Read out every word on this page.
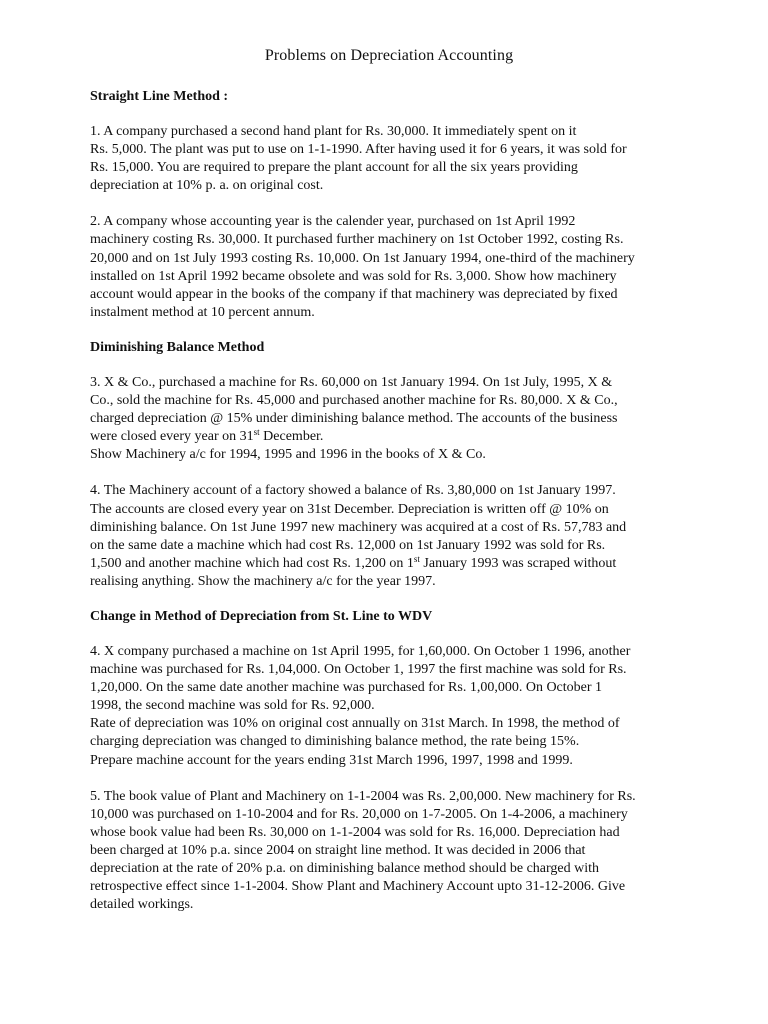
Problems on Depreciation Accounting
Straight Line Method :
1. A company purchased a second hand plant for Rs. 30,000. It immediately spent on it
Rs. 5,000. The plant was put to use on 1-1-1990. After having used it for 6 years, it was sold for
Rs. 15,000. You are required to prepare the plant account for all the six years providing
depreciation at 10% p. a. on original cost.
2. A company whose accounting year is the calender year, purchased on 1st April 1992
machinery costing Rs. 30,000. It purchased further machinery on 1st October 1992, costing Rs.
20,000 and on 1st July 1993 costing Rs. 10,000. On 1st January 1994, one-third of the machinery
installed on 1st April 1992 became obsolete and was sold for Rs. 3,000. Show how machinery
account would appear in the books of the company if that machinery was depreciated by fixed
instalment method at 10 percent annum.
Diminishing Balance Method
3. X & Co., purchased a machine for Rs. 60,000 on 1st January 1994. On 1st July, 1995, X &
Co., sold the machine for Rs. 45,000 and purchased another machine for Rs. 80,000. X & Co.,
charged depreciation @ 15% under diminishing balance method. The accounts of the business
were closed every year on 31st December.
Show Machinery a/c for 1994, 1995 and 1996 in the books of X & Co.
4. The Machinery account of a factory showed a balance of Rs. 3,80,000 on 1st January 1997.
The accounts are closed every year on 31st December. Depreciation is written off @ 10% on
diminishing balance. On 1st June 1997 new machinery was acquired at a cost of Rs. 57,783 and
on the same date a machine which had cost Rs. 12,000 on 1st January 1992 was sold for Rs.
1,500 and another machine which had cost Rs. 1,200 on 1st January 1993 was scraped without
realising anything. Show the machinery a/c for the year 1997.
Change in Method of Depreciation from St. Line to WDV
4. X company purchased a machine on 1st April 1995, for 1,60,000. On October 1 1996, another
machine was purchased for Rs. 1,04,000. On October 1, 1997 the first machine was sold for Rs.
1,20,000. On the same date another machine was purchased for Rs. 1,00,000. On October 1
1998, the second machine was sold for Rs. 92,000.
Rate of depreciation was 10% on original cost annually on 31st March. In 1998, the method of
charging depreciation was changed to diminishing balance method, the rate being 15%.
Prepare machine account for the years ending 31st March 1996, 1997, 1998 and 1999.
5. The book value of Plant and Machinery on 1-1-2004 was Rs. 2,00,000. New machinery for Rs.
10,000 was purchased on 1-10-2004 and for Rs. 20,000 on 1-7-2005. On 1-4-2006, a machinery
whose book value had been Rs. 30,000 on 1-1-2004 was sold for Rs. 16,000. Depreciation had
been charged at 10% p.a. since 2004 on straight line method. It was decided in 2006 that
depreciation at the rate of 20% p.a. on diminishing balance method should be charged with
retrospective effect since 1-1-2004. Show Plant and Machinery Account upto 31-12-2006. Give
detailed workings.
